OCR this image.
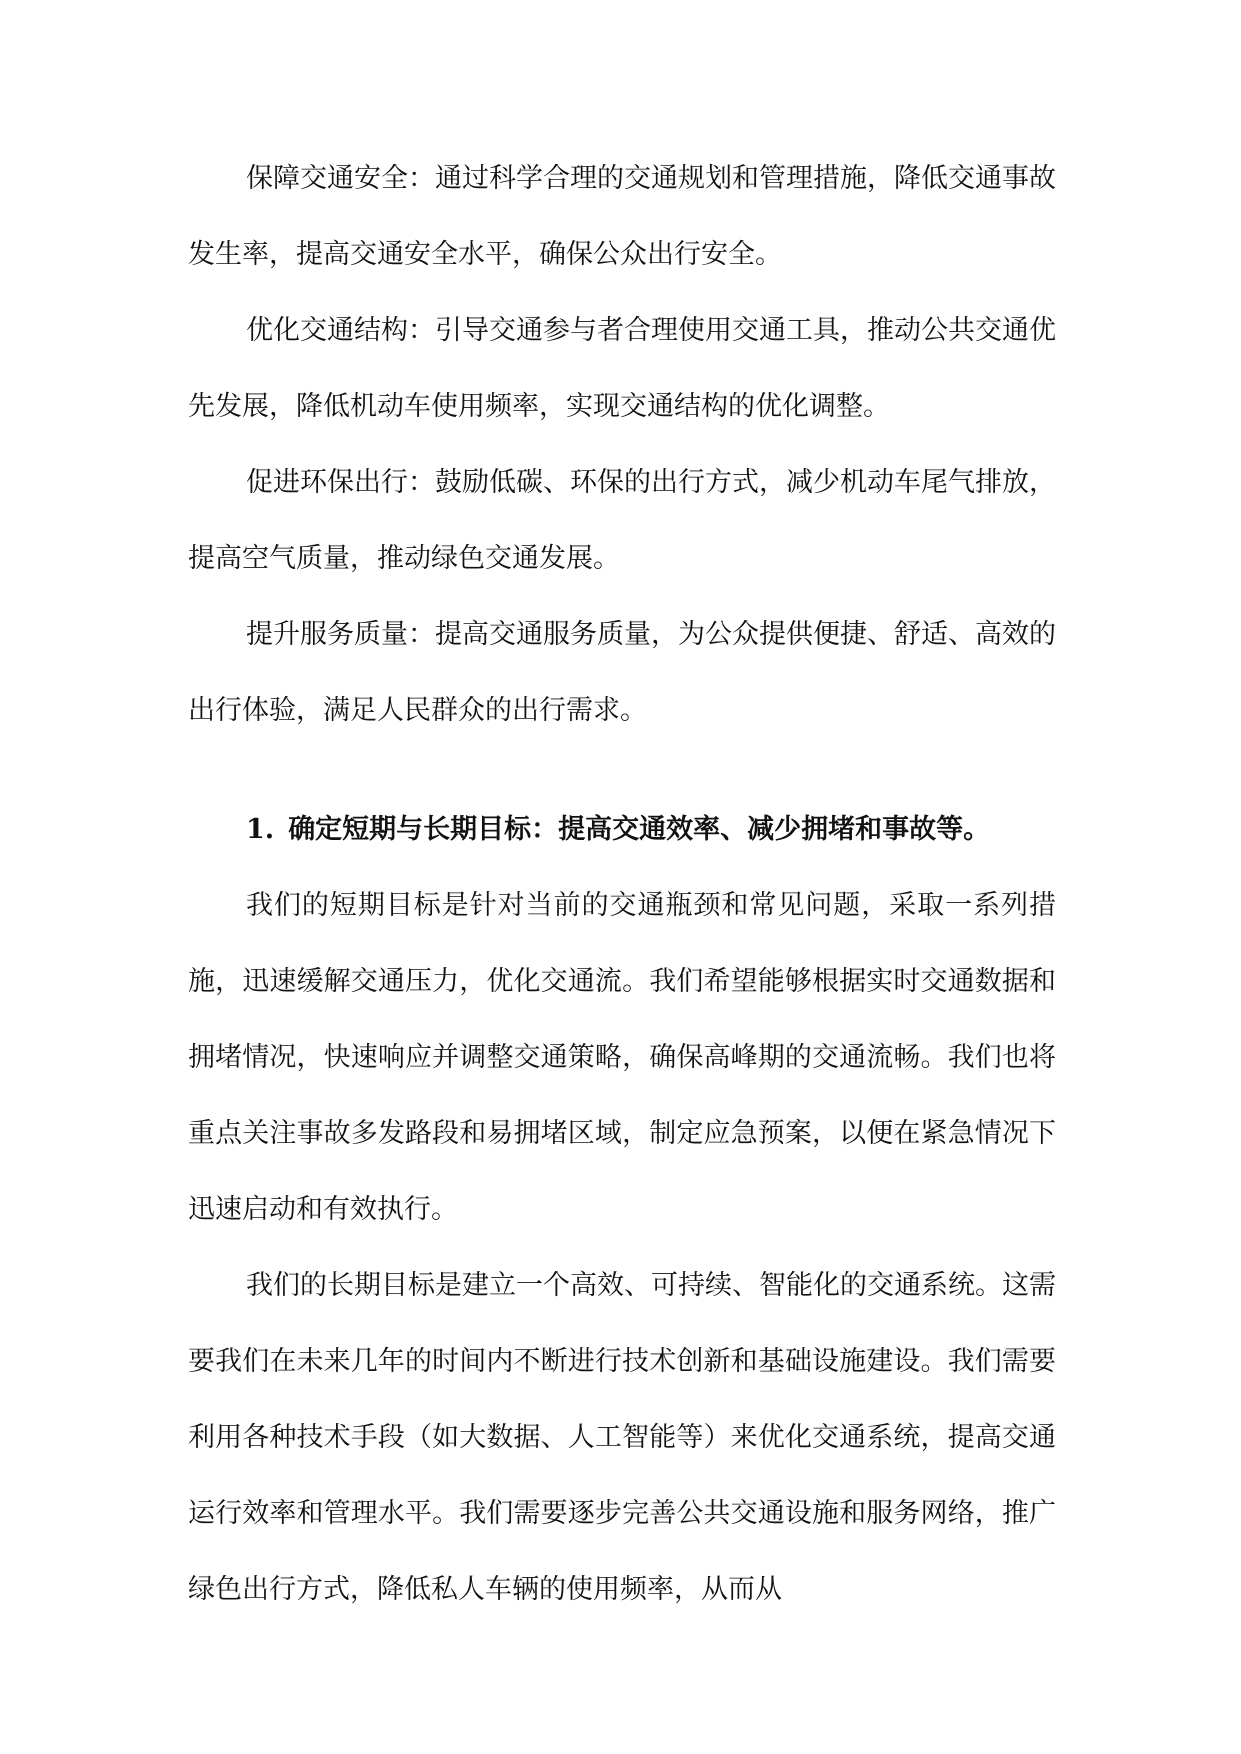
保障交通安全：通过科学合理的交通规划和管理措施，降低交通事故发生率，提高交通安全水平，确保公众出行安全。

优化交通结构：引导交通参与者合理使用交通工具，推动公共交通优先发展，降低机动车使用频率，实现交通结构的优化调整。

促进环保出行：鼓励低碳、环保的出行方式，减少机动车尾气排放，提高空气质量，推动绿色交通发展。

提升服务质量：提高交通服务质量，为公众提供便捷、舒适、高效的出行体验，满足人民群众的出行需求。

1. 确定短期与长期目标：提高交通效率、减少拥堵和事故等。

我们的短期目标是针对当前的交通瓶颈和常见问题，采取一系列措施，迅速缓解交通压力，优化交通流。我们希望能够根据实时交通数据和拥堵情况，快速响应并调整交通策略，确保高峰期的交通流畅。我们也将重点关注事故多发路段和易拥堵区域，制定应急预案，以便在紧急情况下迅速启动和有效执行。

我们的长期目标是建立一个高效、可持续、智能化的交通系统。这需要我们在未来几年的时间内不断进行技术创新和基础设施建设。我们需要利用各种技术手段（如大数据、人工智能等）来优化交通系统，提高交通运行效率和管理水平。我们需要逐步完善公共交通设施和服务网络，推广绿色出行方式，降低私人车辆的使用频率，从而从
